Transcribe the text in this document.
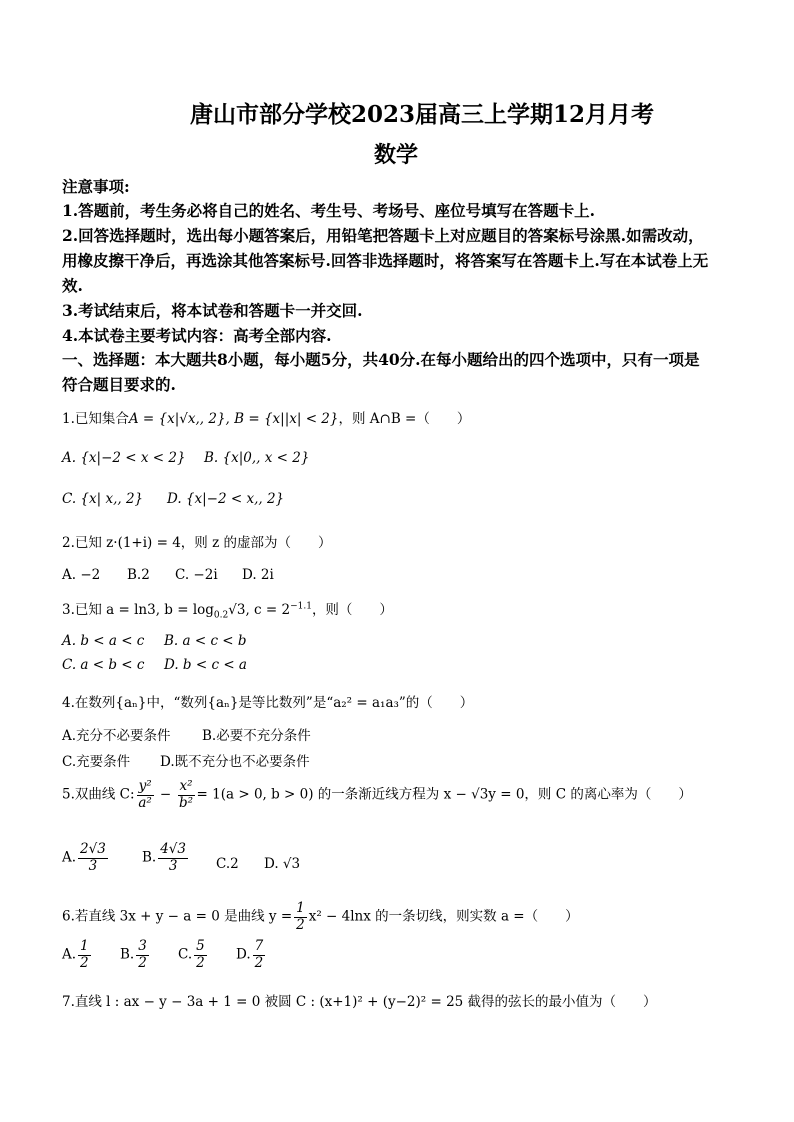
唐山市部分学校2023届高三上学期12月月考
数学
注意事项:
1.答题前，考生务必将自己的姓名、考生号、考场号、座位号填写在答题卡上.
2.回答选择题时，选出每小题答案后，用铅笔把答题卡上对应题目的答案标号涂黑.如需改动，
用橡皮擦干净后，再选涂其他答案标号.回答非选择题时，将答案写在答题卡上.写在本试卷上无
效.
3.考试结束后，将本试卷和答题卡一并交回.
4.本试卷主要考试内容：高考全部内容.
一、选择题：本大题共8小题，每小题5分，共40分.在每小题给出的四个选项中，只有一项是
符合题目要求的.
1.已知集合A = {x|√x,, 2}, B = {x||x| < 2}，则 A∩B =（　　）
A. {x|−2 < x < 2} B. {x|0,, x < 2}
C. {x| x,, 2} D. {x|−2 < x,, 2}
2.已知 z·(1+i) = 4，则 z 的虚部为（　　）
A. −2 B.2 C. −2i D. 2i
3.已知 a = ln3, $b = \log_{0.2}√3$, $c = 2^{-1.1}$，则（　　）
A. b < a < c B. a < c < b
C. a < b < c D. b < c < a
4.在数列{aₙ}中，“数列{aₙ}是等比数列”是“a₂² = a₁a₃”的（　　）
A.充分不必要条件 B.必要不充分条件
C.充要条件 D.既不充分也不必要条件
5.双曲线 C: $\frac{\text{y²}}{\text{a²}} - \frac{\text{x²}}{\text{b²}} = 1(a > 0$, b > 0) 的一条渐近线方程为 x − √3y = 0，则 C 的离心率为（　　）
A. $\frac{2√3}{3}$	B. $\frac{4√3}{3} C.2$ D. √3
6.若直线 3x + y − a = 0 是曲线 $y = \frac{1}{2} x^2 - 4\ln x$ 的一条切线，则实数 a =（　　）
A. $\frac{1}{2} B$. $\frac{3}{2} C$. $\frac{5}{2} D$. $\frac{7}{2}$
7.直线 l : ax − y − 3a + 1 = 0 被圆 C : (x+1)² + (y−2)² = 25 截得的弦长的最小值为（　　）
